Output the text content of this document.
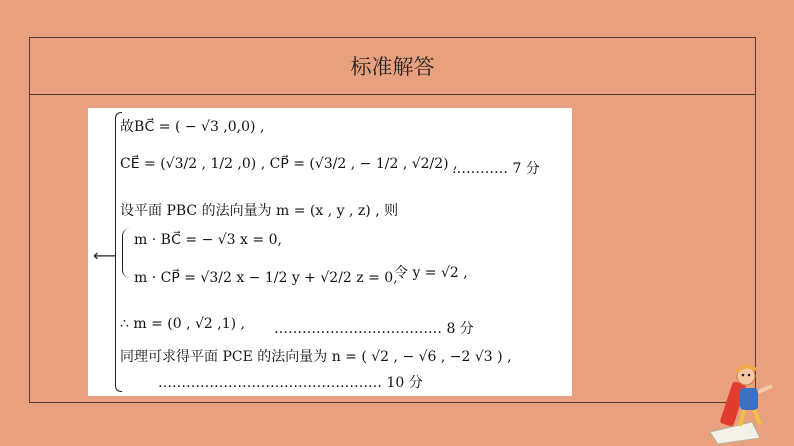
标准解答
⟵
故BC⃗ = ( − √3 ,0,0) ,
CE⃗ = (√3/2 , 1/2 ,0) , CP⃗ = (√3/2 , − 1/2 , √2/2) ,
………… 7 分
设平面 PBC 的法向量为 m = (x , y , z) , 则
m · BC⃗ = − √3 x = 0,
m · CP⃗ = √3/2 x − 1/2 y + √2/2 z = 0,
令 y = √2 ,
∴ m = (0 , √2 ,1) , ……………………………… 8 分
同理可求得平面 PCE 的法向量为 n = ( √2 , − √6 , −2 √3 ) ,
………………………………………… 10 分
